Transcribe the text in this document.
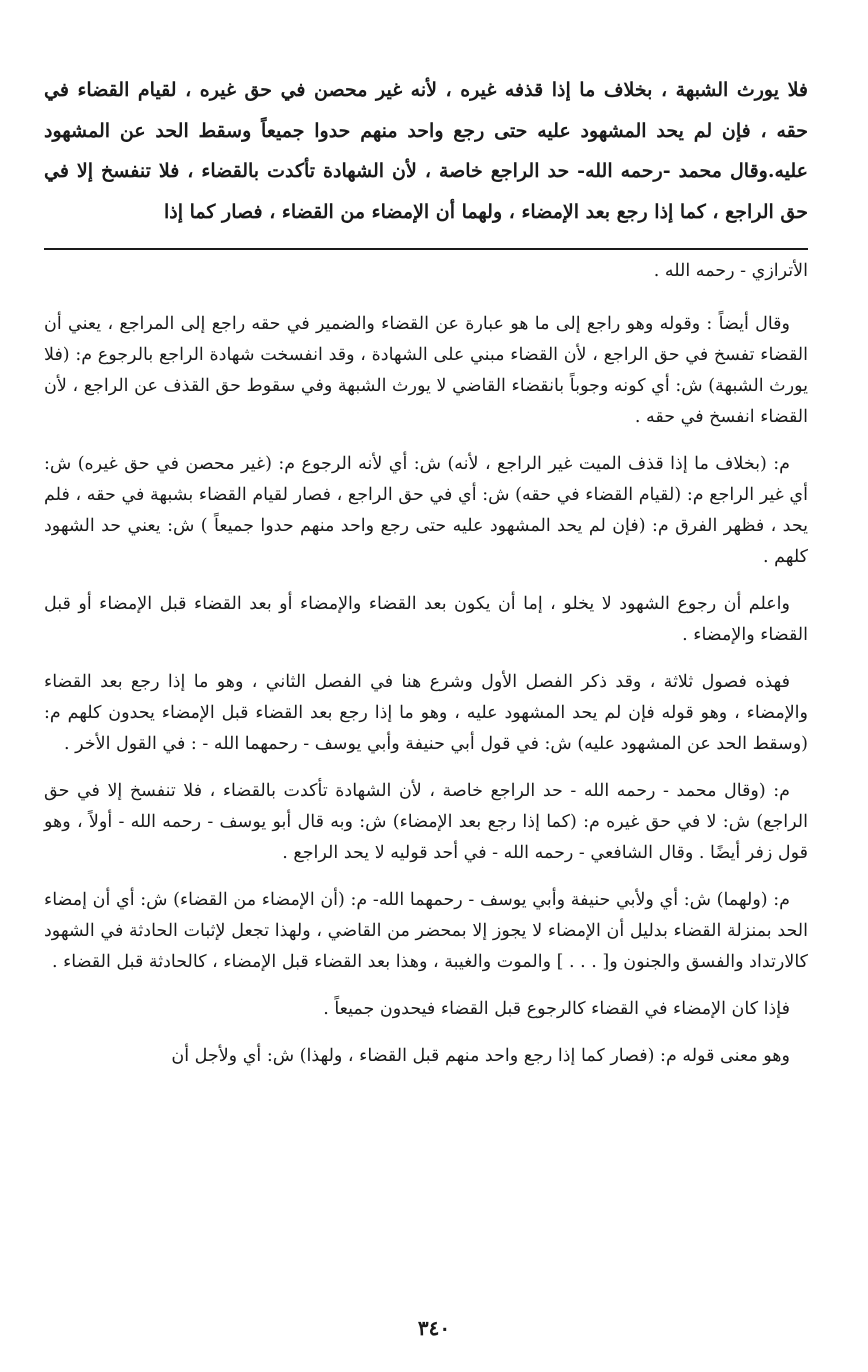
فلا يورث الشبهة ، بخلاف ما إذا قذفه غيره ، لأنه غير محصن في حق غيره ، لقيام القضاء في حقه ، فإن لم يحد المشهود عليه حتى رجع واحد منهم حدوا جميعاً وسقط الحد عن المشهود عليه.وقال محمد -رحمه الله- حد الراجع خاصة ، لأن الشهادة تأكدت بالقضاء ، فلا تنفسخ إلا في حق الراجع ، كما إذا رجع بعد الإمضاء ، ولهما أن الإمضاء من القضاء ، فصار كما إذا

الأترازي - رحمه الله .

وقال أيضاً : وقوله وهو راجع إلى ما هو عبارة عن القضاء والضمير في حقه راجع إلى المراجع ، يعني أن القضاء تفسخ في حق الراجع ، لأن القضاء مبني على الشهادة ، وقد انفسخت شهادة الراجع بالرجوع م: (فلا يورث الشبهة) ش: أي كونه وجوباً بانقضاء القاضي لا يورث الشبهة وفي سقوط حق القذف عن الراجع ، لأن القضاء انفسخ في حقه .

م: (بخلاف ما إذا قذف الميت غير الراجع ، لأنه) ش: أي لأنه الرجوع م: (غير محصن في حق غيره) ش: أي غير الراجع م: (لقيام القضاء في حقه) ش: أي في حق الراجع ، فصار لقيام القضاء بشبهة في حقه ، فلم يحد ، فظهر الفرق م: (فإن لم يحد المشهود عليه حتى رجع واحد منهم حدوا جميعاً ) ش: يعني حد الشهود كلهم .

واعلم أن رجوع الشهود لا يخلو ، إما أن يكون بعد القضاء والإمضاء أو بعد القضاء قبل الإمضاء أو قبل القضاء والإمضاء .

فهذه فصول ثلاثة ، وقد ذكر الفصل الأول وشرع هنا في الفصل الثاني ، وهو ما إذا رجع بعد القضاء والإمضاء ، وهو قوله فإن لم يحد المشهود عليه ، وهو ما إذا رجع بعد القضاء قبل الإمضاء يحدون كلهم م: (وسقط الحد عن المشهود عليه) ش: في قول أبي حنيفة وأبي يوسف - رحمهما الله - : في القول الأخر .

م: (وقال محمد - رحمه الله - حد الراجع خاصة ، لأن الشهادة تأكدت بالقضاء ، فلا تنفسخ إلا في حق الراجع) ش: لا في حق غيره م: (كما إذا رجع بعد الإمضاء) ش: وبه قال أبو يوسف - رحمه الله - أولاً ، وهو قول زفر أيضًا . وقال الشافعي - رحمه الله - في أحد قوليه لا يحد الراجع .

م: (ولهما) ش: أي ولأبي حنيفة وأبي يوسف - رحمهما الله- م: (أن الإمضاء من القضاء) ش: أي أن إمضاء الحد بمنزلة القضاء بدليل أن الإمضاء لا يجوز إلا بمحضر من القاضي ، ولهذا تجعل لإثبات الحادثة في الشهود كالارتداد والفسق والجنون و[ . . . ] والموت والغيبة ، وهذا بعد القضاء قبل الإمضاء ، كالحادثة قبل القضاء .

فإذا كان الإمضاء في القضاء كالرجوع قبل القضاء فيحدون جميعاً .

وهو معنى قوله م: (فصار كما إذا رجع واحد منهم قبل القضاء ، ولهذا) ش: أي ولأجل أن

٣٤٠
